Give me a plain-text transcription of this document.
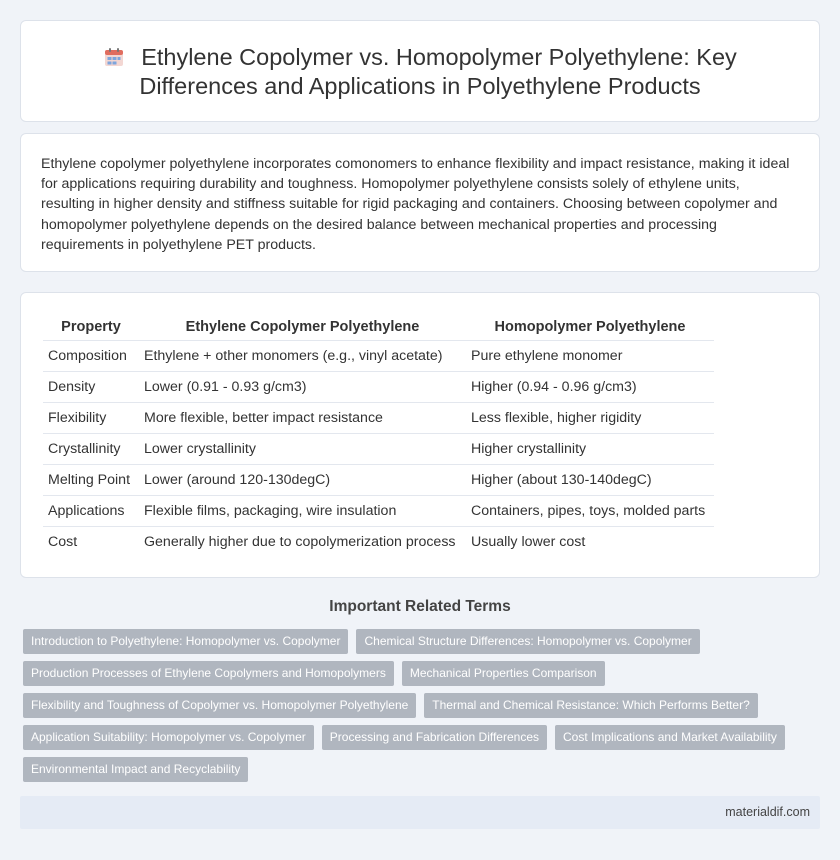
Ethylene Copolymer vs. Homopolymer Polyethylene: Key Differences and Applications in Polyethylene Products

Ethylene copolymer polyethylene incorporates comonomers to enhance flexibility and impact resistance, making it ideal for applications requiring durability and toughness. Homopolymer polyethylene consists solely of ethylene units, resulting in higher density and stiffness suitable for rigid packaging and containers. Choosing between copolymer and homopolymer polyethylene depends on the desired balance between mechanical properties and processing requirements in polyethylene PET products.

Property	Ethylene Copolymer Polyethylene	Homopolymer Polyethylene
Composition	Ethylene + other monomers (e.g., vinyl acetate)	Pure ethylene monomer
Density	Lower (0.91 - 0.93 g/cm3)	Higher (0.94 - 0.96 g/cm3)
Flexibility	More flexible, better impact resistance	Less flexible, higher rigidity
Crystallinity	Lower crystallinity	Higher crystallinity
Melting Point	Lower (around 120-130degC)	Higher (about 130-140degC)
Applications	Flexible films, packaging, wire insulation	Containers, pipes, toys, molded parts
Cost	Generally higher due to copolymerization process	Usually lower cost
Important Related Terms
Introduction to Polyethylene: Homopolymer vs. Copolymer	Chemical Structure Differences: Homopolymer vs. Copolymer
Production Processes of Ethylene Copolymers and Homopolymers	Mechanical Properties Comparison
Flexibility and Toughness of Copolymer vs. Homopolymer Polyethylene	Thermal and Chemical Resistance: Which Performs Better?
Application Suitability: Homopolymer vs. Copolymer	Processing and Fabrication Differences	Cost Implications and Market Availability
Environmental Impact and Recyclability
materialdif.com
